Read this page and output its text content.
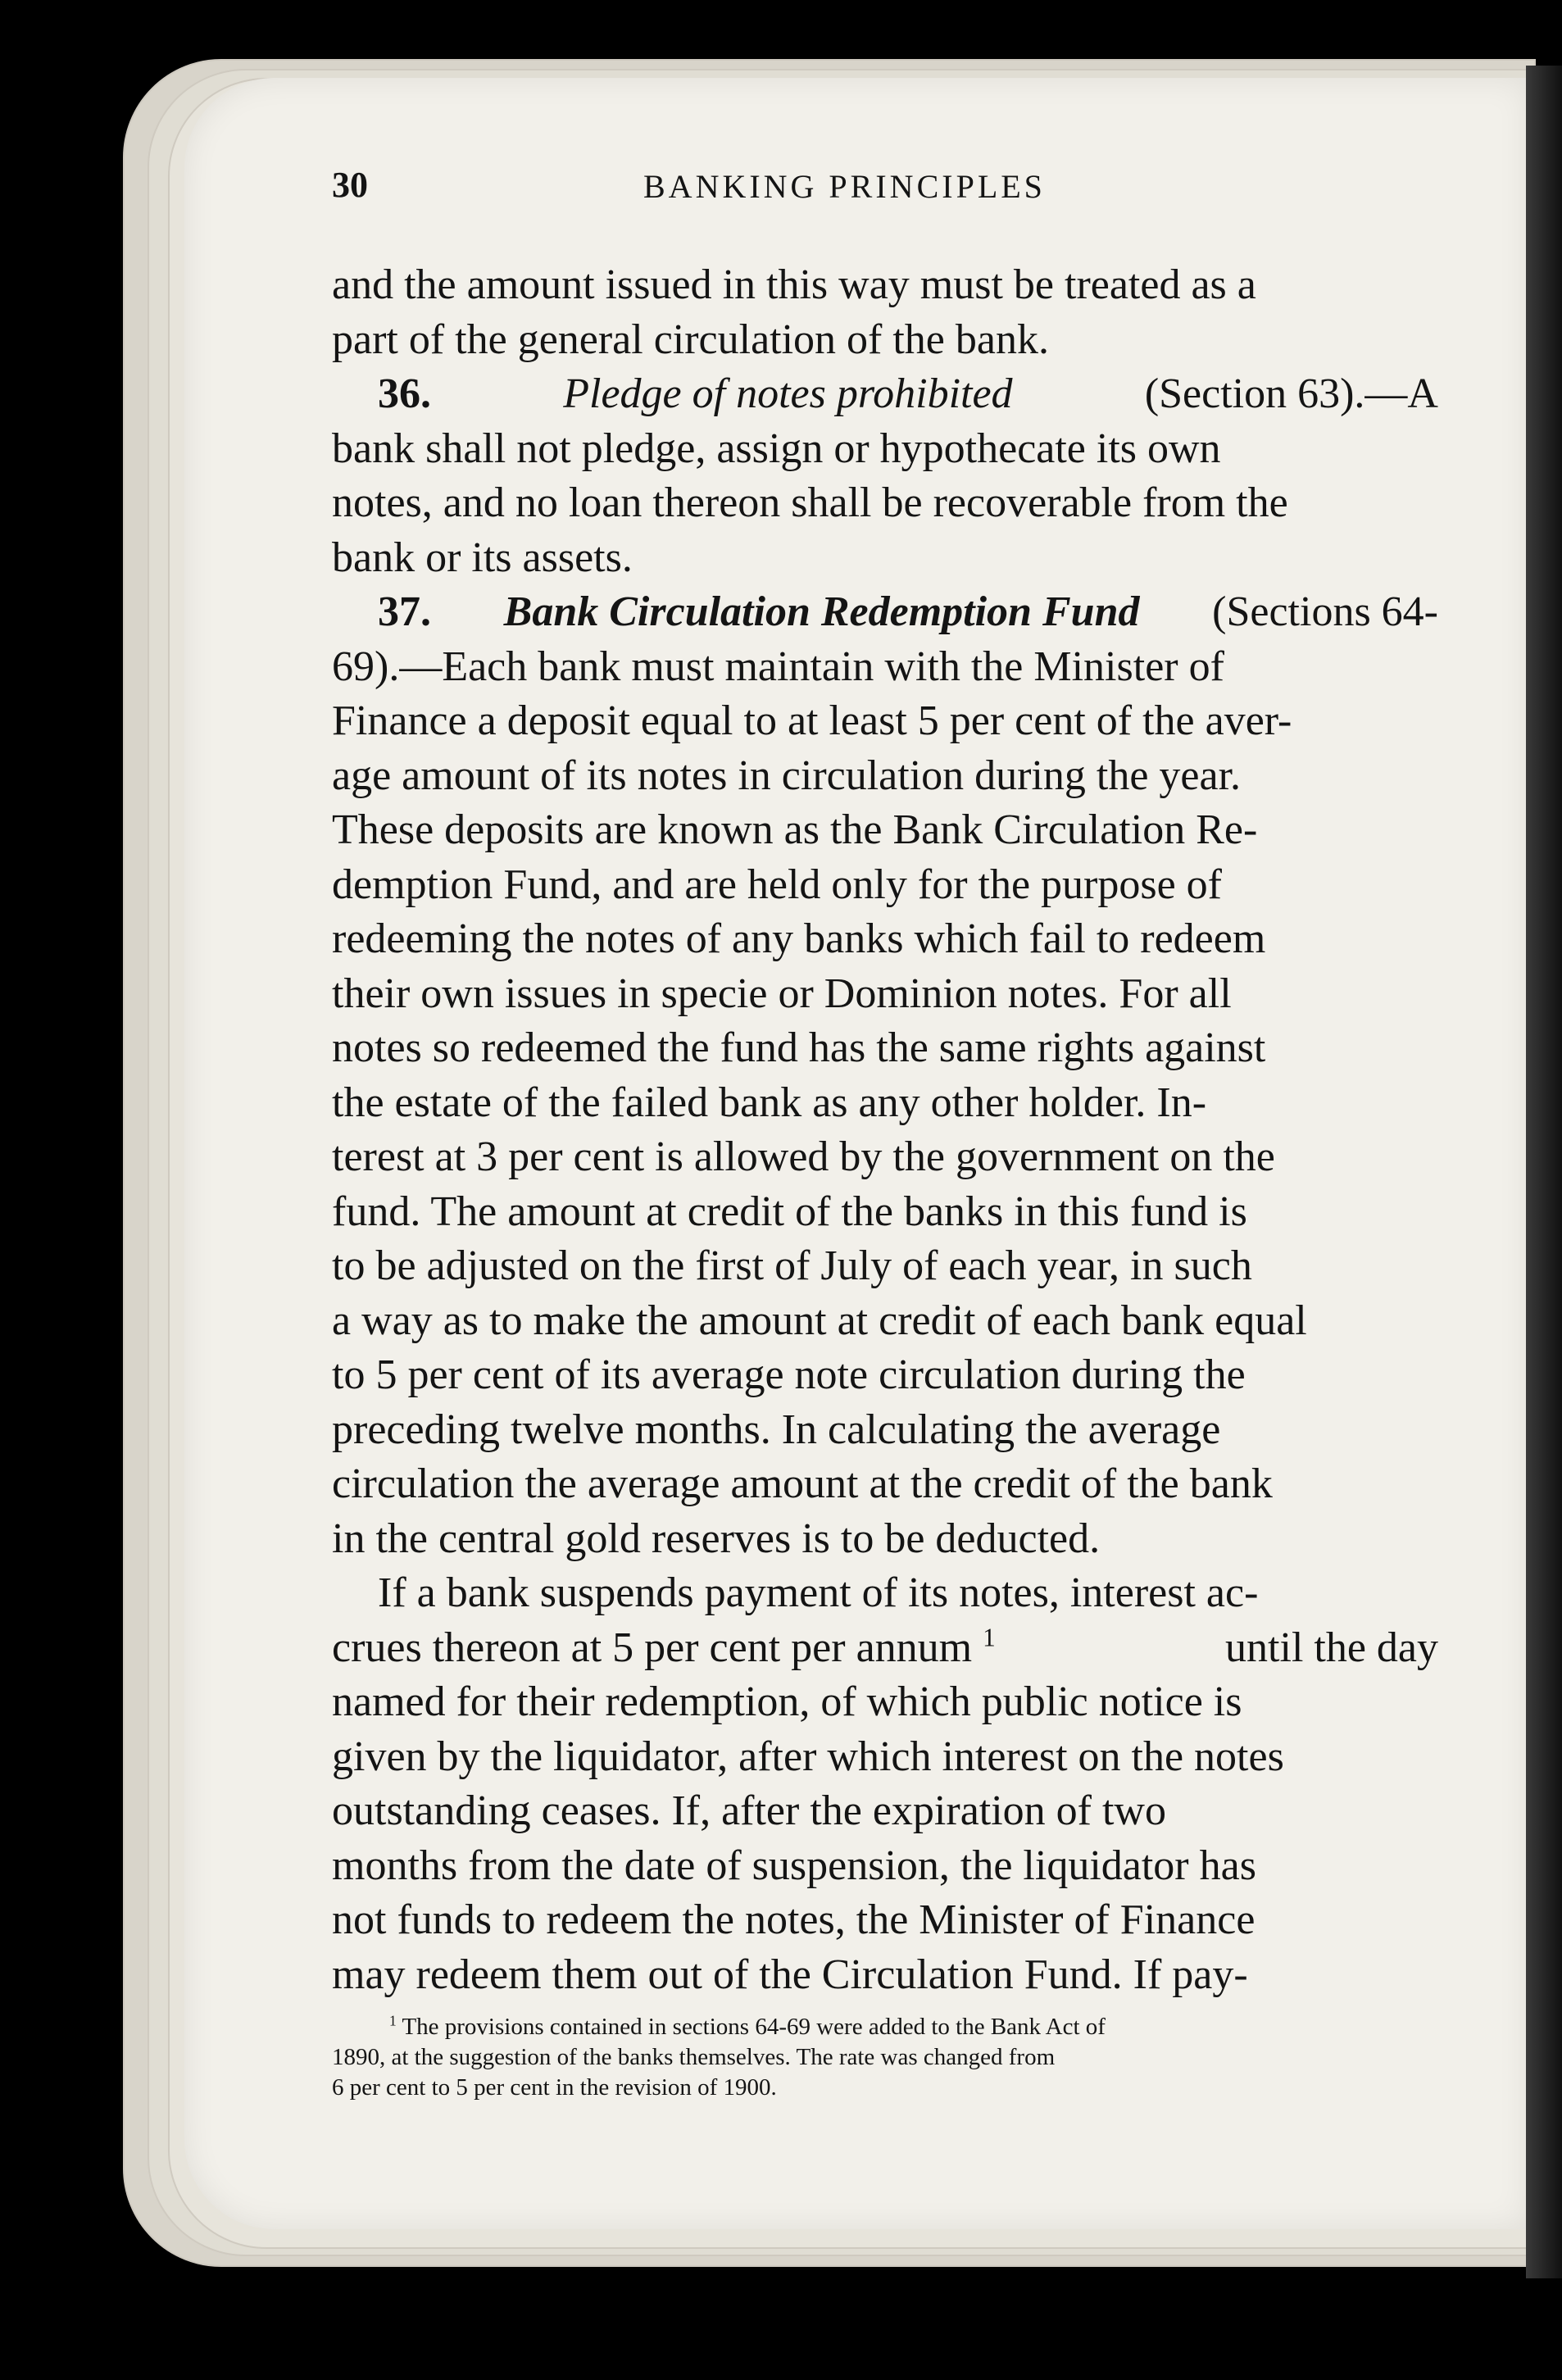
30	BANKING PRINCIPLES
and the amount issued in this way must be treated as a
part of the general circulation of the bank.
36.	Pledge of notes prohibited	(Section 63).—A
bank shall not pledge, assign or hypothecate its own
notes, and no loan thereon shall be recoverable from the
bank or its assets.
37. Bank Circulation Redemption Fund (Sections 64-
69).—Each bank must maintain with the Minister of
Finance a deposit equal to at least 5 per cent of the aver-
age amount of its notes in circulation during the year.
These deposits are known as the Bank Circulation Re-
demption Fund, and are held only for the purpose of
redeeming the notes of any banks which fail to redeem
their own issues in specie or Dominion notes. For all
notes so redeemed the fund has the same rights against
the estate of the failed bank as any other holder. In-
terest at 3 per cent is allowed by the government on the
fund. The amount at credit of the banks in this fund is
to be adjusted on the first of July of each year, in such
a way as to make the amount at credit of each bank equal
to 5 per cent of its average note circulation during the
preceding twelve months. In calculating the average
circulation the average amount at the credit of the bank
in the central gold reserves is to be deducted.
If a bank suspends payment of its notes, interest ac-
crues thereon at 5 per cent per annum $^1$	until the day
named for their redemption, of which public notice is
given by the liquidator, after which interest on the notes
outstanding ceases. If, after the expiration of two
months from the date of suspension, the liquidator has
not funds to redeem the notes, the Minister of Finance
may redeem them out of the Circulation Fund. If pay-
$^1$ The provisions contained in sections 64-69 were added to the Bank Act of
1890, at the suggestion of the banks themselves. The rate was changed from
6 per cent to 5 per cent in the revision of 1900.
